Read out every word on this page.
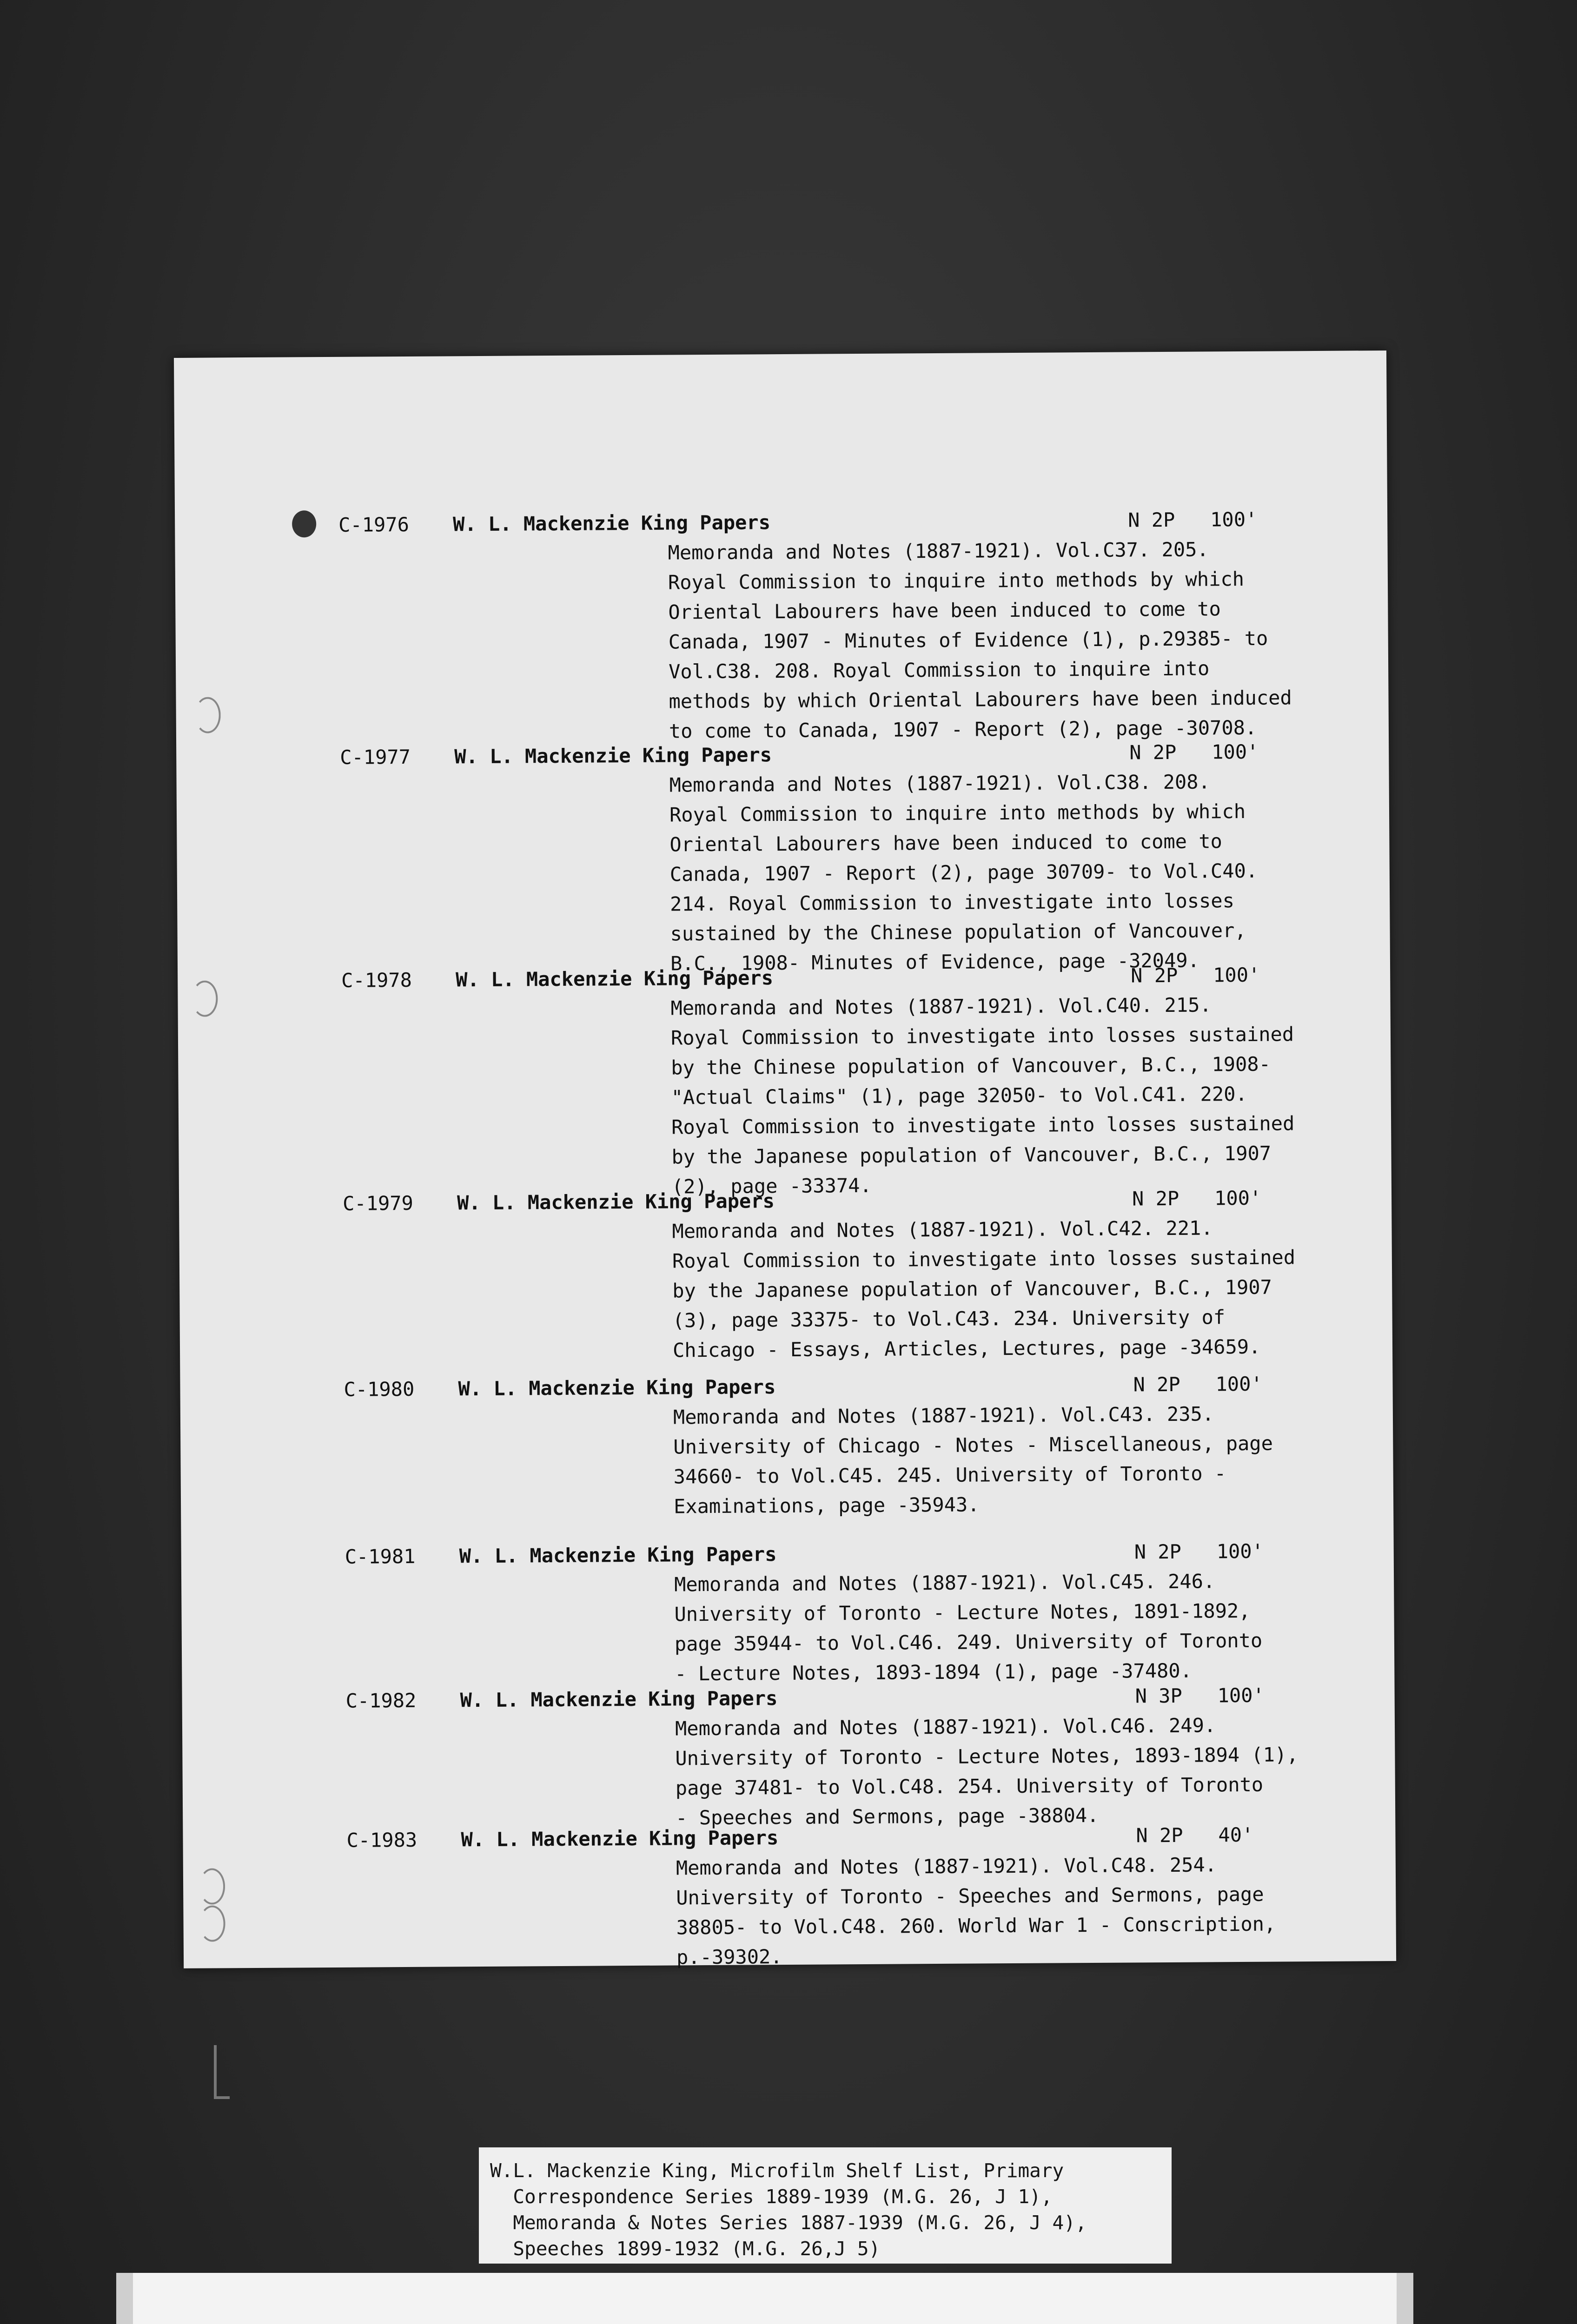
C-1976 W. L. Mackenzie King Papers	N 2P   100'
Memoranda and Notes (1887-1921). Vol.C37. 205.
Royal Commission to inquire into methods by which
Oriental Labourers have been induced to come to
Canada, 1907 - Minutes of Evidence (1), p.29385- to
Vol.C38. 208. Royal Commission to inquire into
methods by which Oriental Labourers have been induced
to come to Canada, 1907 - Report (2), page -30708.
C-1977 W. L. Mackenzie King Papers	N 2P   100'
Memoranda and Notes (1887-1921). Vol.C38. 208.
Royal Commission to inquire into methods by which
Oriental Labourers have been induced to come to
Canada, 1907 - Report (2), page 30709- to Vol.C40.
214. Royal Commission to investigate into losses
sustained by the Chinese population of Vancouver,
B.C., 1908- Minutes of Evidence, page -32049.
C-1978 W. L. Mackenzie King Papers	N 2P   100'
Memoranda and Notes (1887-1921). Vol.C40. 215.
Royal Commission to investigate into losses sustained
by the Chinese population of Vancouver, B.C., 1908-
"Actual Claims" (1), page 32050- to Vol.C41. 220.
Royal Commission to investigate into losses sustained
by the Japanese population of Vancouver, B.C., 1907
(2), page -33374.
C-1979 W. L. Mackenzie King Papers	N 2P   100'
Memoranda and Notes (1887-1921). Vol.C42. 221.
Royal Commission to investigate into losses sustained
by the Japanese population of Vancouver, B.C., 1907
(3), page 33375- to Vol.C43. 234. University of
Chicago - Essays, Articles, Lectures, page -34659.
C-1980 W. L. Mackenzie King Papers	N 2P   100'
Memoranda and Notes (1887-1921). Vol.C43. 235.
University of Chicago - Notes - Miscellaneous, page
34660- to Vol.C45. 245. University of Toronto -
Examinations, page -35943.
C-1981 W. L. Mackenzie King Papers	N 2P   100'
Memoranda and Notes (1887-1921). Vol.C45. 246.
University of Toronto - Lecture Notes, 1891-1892,
page 35944- to Vol.C46. 249. University of Toronto
- Lecture Notes, 1893-1894 (1), page -37480.
C-1982 W. L. Mackenzie King Papers	N 3P   100'
Memoranda and Notes (1887-1921). Vol.C46. 249.
University of Toronto - Lecture Notes, 1893-1894 (1),
page 37481- to Vol.C48. 254. University of Toronto
- Speeches and Sermons, page -38804.
C-1983 W. L. Mackenzie King Papers	N 2P   40'
Memoranda and Notes (1887-1921). Vol.C48. 254.
University of Toronto - Speeches and Sermons, page
38805- to Vol.C48. 260. World War 1 - Conscription,
p.-39302.
W.L. Mackenzie King, Microfilm Shelf List, Primary
Correspondence Series 1889-1939 (M.G. 26, J 1),
Memoranda & Notes Series 1887-1939 (M.G. 26, J 4),
Speeches 1899-1932 (M.G. 26,J 5)
